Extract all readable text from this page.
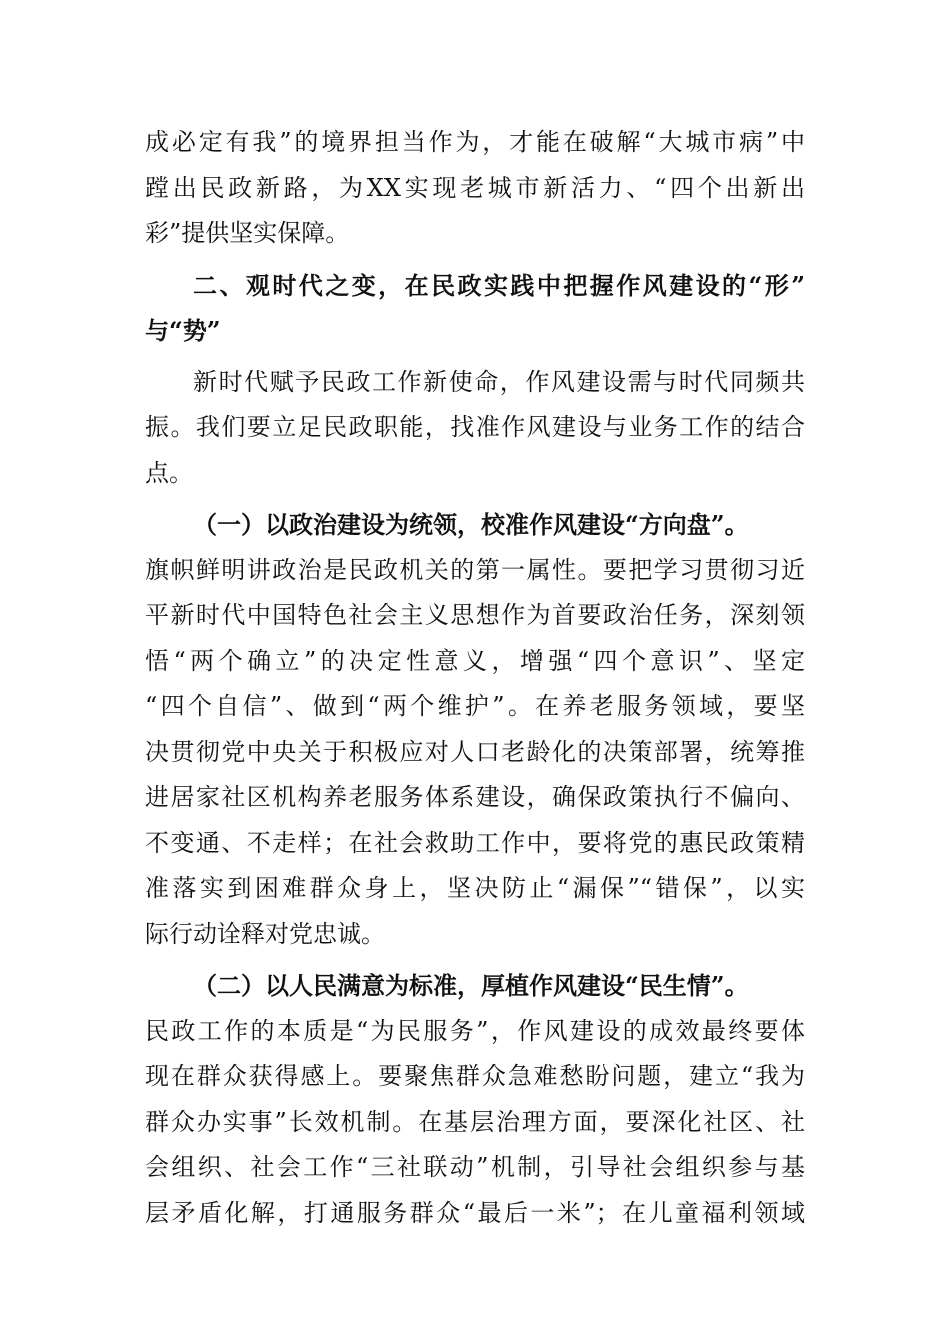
成必定有我”的境界担当作为，才能在破解“大城市病”中
蹚出民政新路，为XX实现老城市新活力、“四个出新出
彩”提供坚实保障。
二、观时代之变，在民政实践中把握作风建设的“形”
与“势”
新时代赋予民政工作新使命，作风建设需与时代同频共
振。我们要立足民政职能，找准作风建设与业务工作的结合
点。
（一）以政治建设为统领，校准作风建设“方向盘”。
旗帜鲜明讲政治是民政机关的第一属性。要把学习贯彻习近
平新时代中国特色社会主义思想作为首要政治任务，深刻领
悟“两个确立”的决定性意义，增强“四个意识”、坚定
“四个自信”、做到“两个维护”。在养老服务领域，要坚
决贯彻党中央关于积极应对人口老龄化的决策部署，统筹推
进居家社区机构养老服务体系建设，确保政策执行不偏向、
不变通、不走样；在社会救助工作中，要将党的惠民政策精
准落实到困难群众身上，坚决防止“漏保”“错保”，以实
际行动诠释对党忠诚。
（二）以人民满意为标准，厚植作风建设“民生情”。
民政工作的本质是“为民服务”，作风建设的成效最终要体
现在群众获得感上。要聚焦群众急难愁盼问题，建立“我为
群众办实事”长效机制。在基层治理方面，要深化社区、社
会组织、社会工作“三社联动”机制，引导社会组织参与基
层矛盾化解，打通服务群众“最后一米”；在儿童福利领域
